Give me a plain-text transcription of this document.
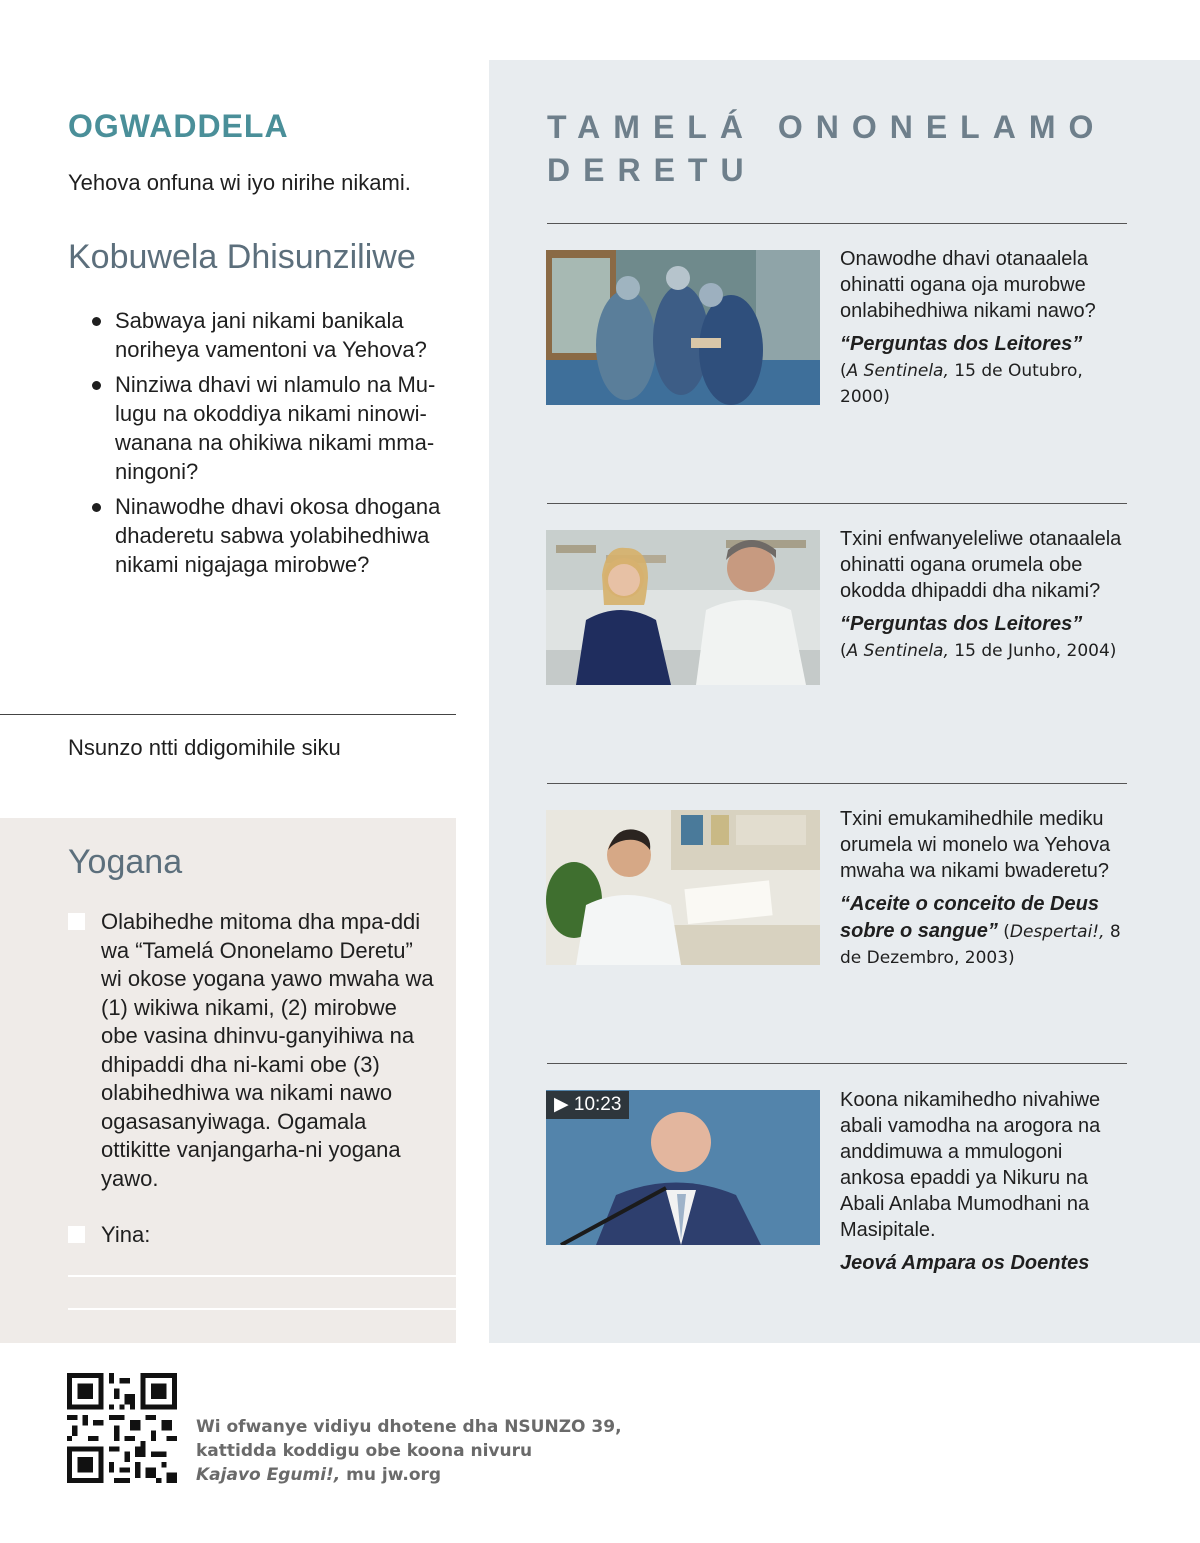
OGWADDELA
Yehova onfuna wi iyo nirihe nikami.
Kobuwela Dhisunziliwe
Sabwaya jani nikami banikala noriheya vamentoni va Yehova?
Ninziwa dhavi wi nlamulo na Mu-lugu na okoddiya nikami ninowi-wanana na ohikiwa nikami mma-ningoni?
Ninawodhe dhavi okosa dhogana dhaderetu sabwa yolabihedhiwa nikami nigajaga mirobwe?
Nsunzo ntti ddigomihile siku
Yogana
Olabihedhe mitoma dha mpa-ddi wa “Tamelá Ononelamo Deretu” wi okose yogana yawo mwaha wa (1) wikiwa nikami, (2) mirobwe obe vasina dhinvu-ganyihiwa na dhipaddi dha ni-kami obe (3) olabihedhiwa wa nikami nawo ogasasanyiwaga. Ogamala ottikitte vanjangarha-ni yogana yawo.
Yina:
TAMELÁ ONONELAMO DERETU
Onawodhe dhavi otanaalela ohinatti ogana oja murobwe onlabihedhiwa nikami nawo?
“Perguntas dos Leitores”
(A Sentinela, 15 de Outubro, 2000)
Txini enfwanyeleliwe otanaalela ohinatti ogana orumela obe okodda dhipaddi dha nikami?
“Perguntas dos Leitores”
(A Sentinela, 15 de Junho, 2004)
Txini emukamihedhile mediku orumela wi monelo wa Yehova mwaha wa nikami bwaderetu?
“Aceite o conceito de Deus sobre o sangue” (Despertai!, 8 de Dezembro, 2003)
▶ 10:23	Koona nikamihedho nivahiwe abali vamodha na arogora na anddimuwa a mmulogoni ankosa epaddi ya Nikuru na Abali Anlaba Mumodhani na Masipitale.
Jeová Ampara os Doentes
Wi ofwanye vidiyu dhotene dha NSUNZO 39,
kattidda koddigu obe koona nivuru
Kajavo Egumi!, mu jw.org
